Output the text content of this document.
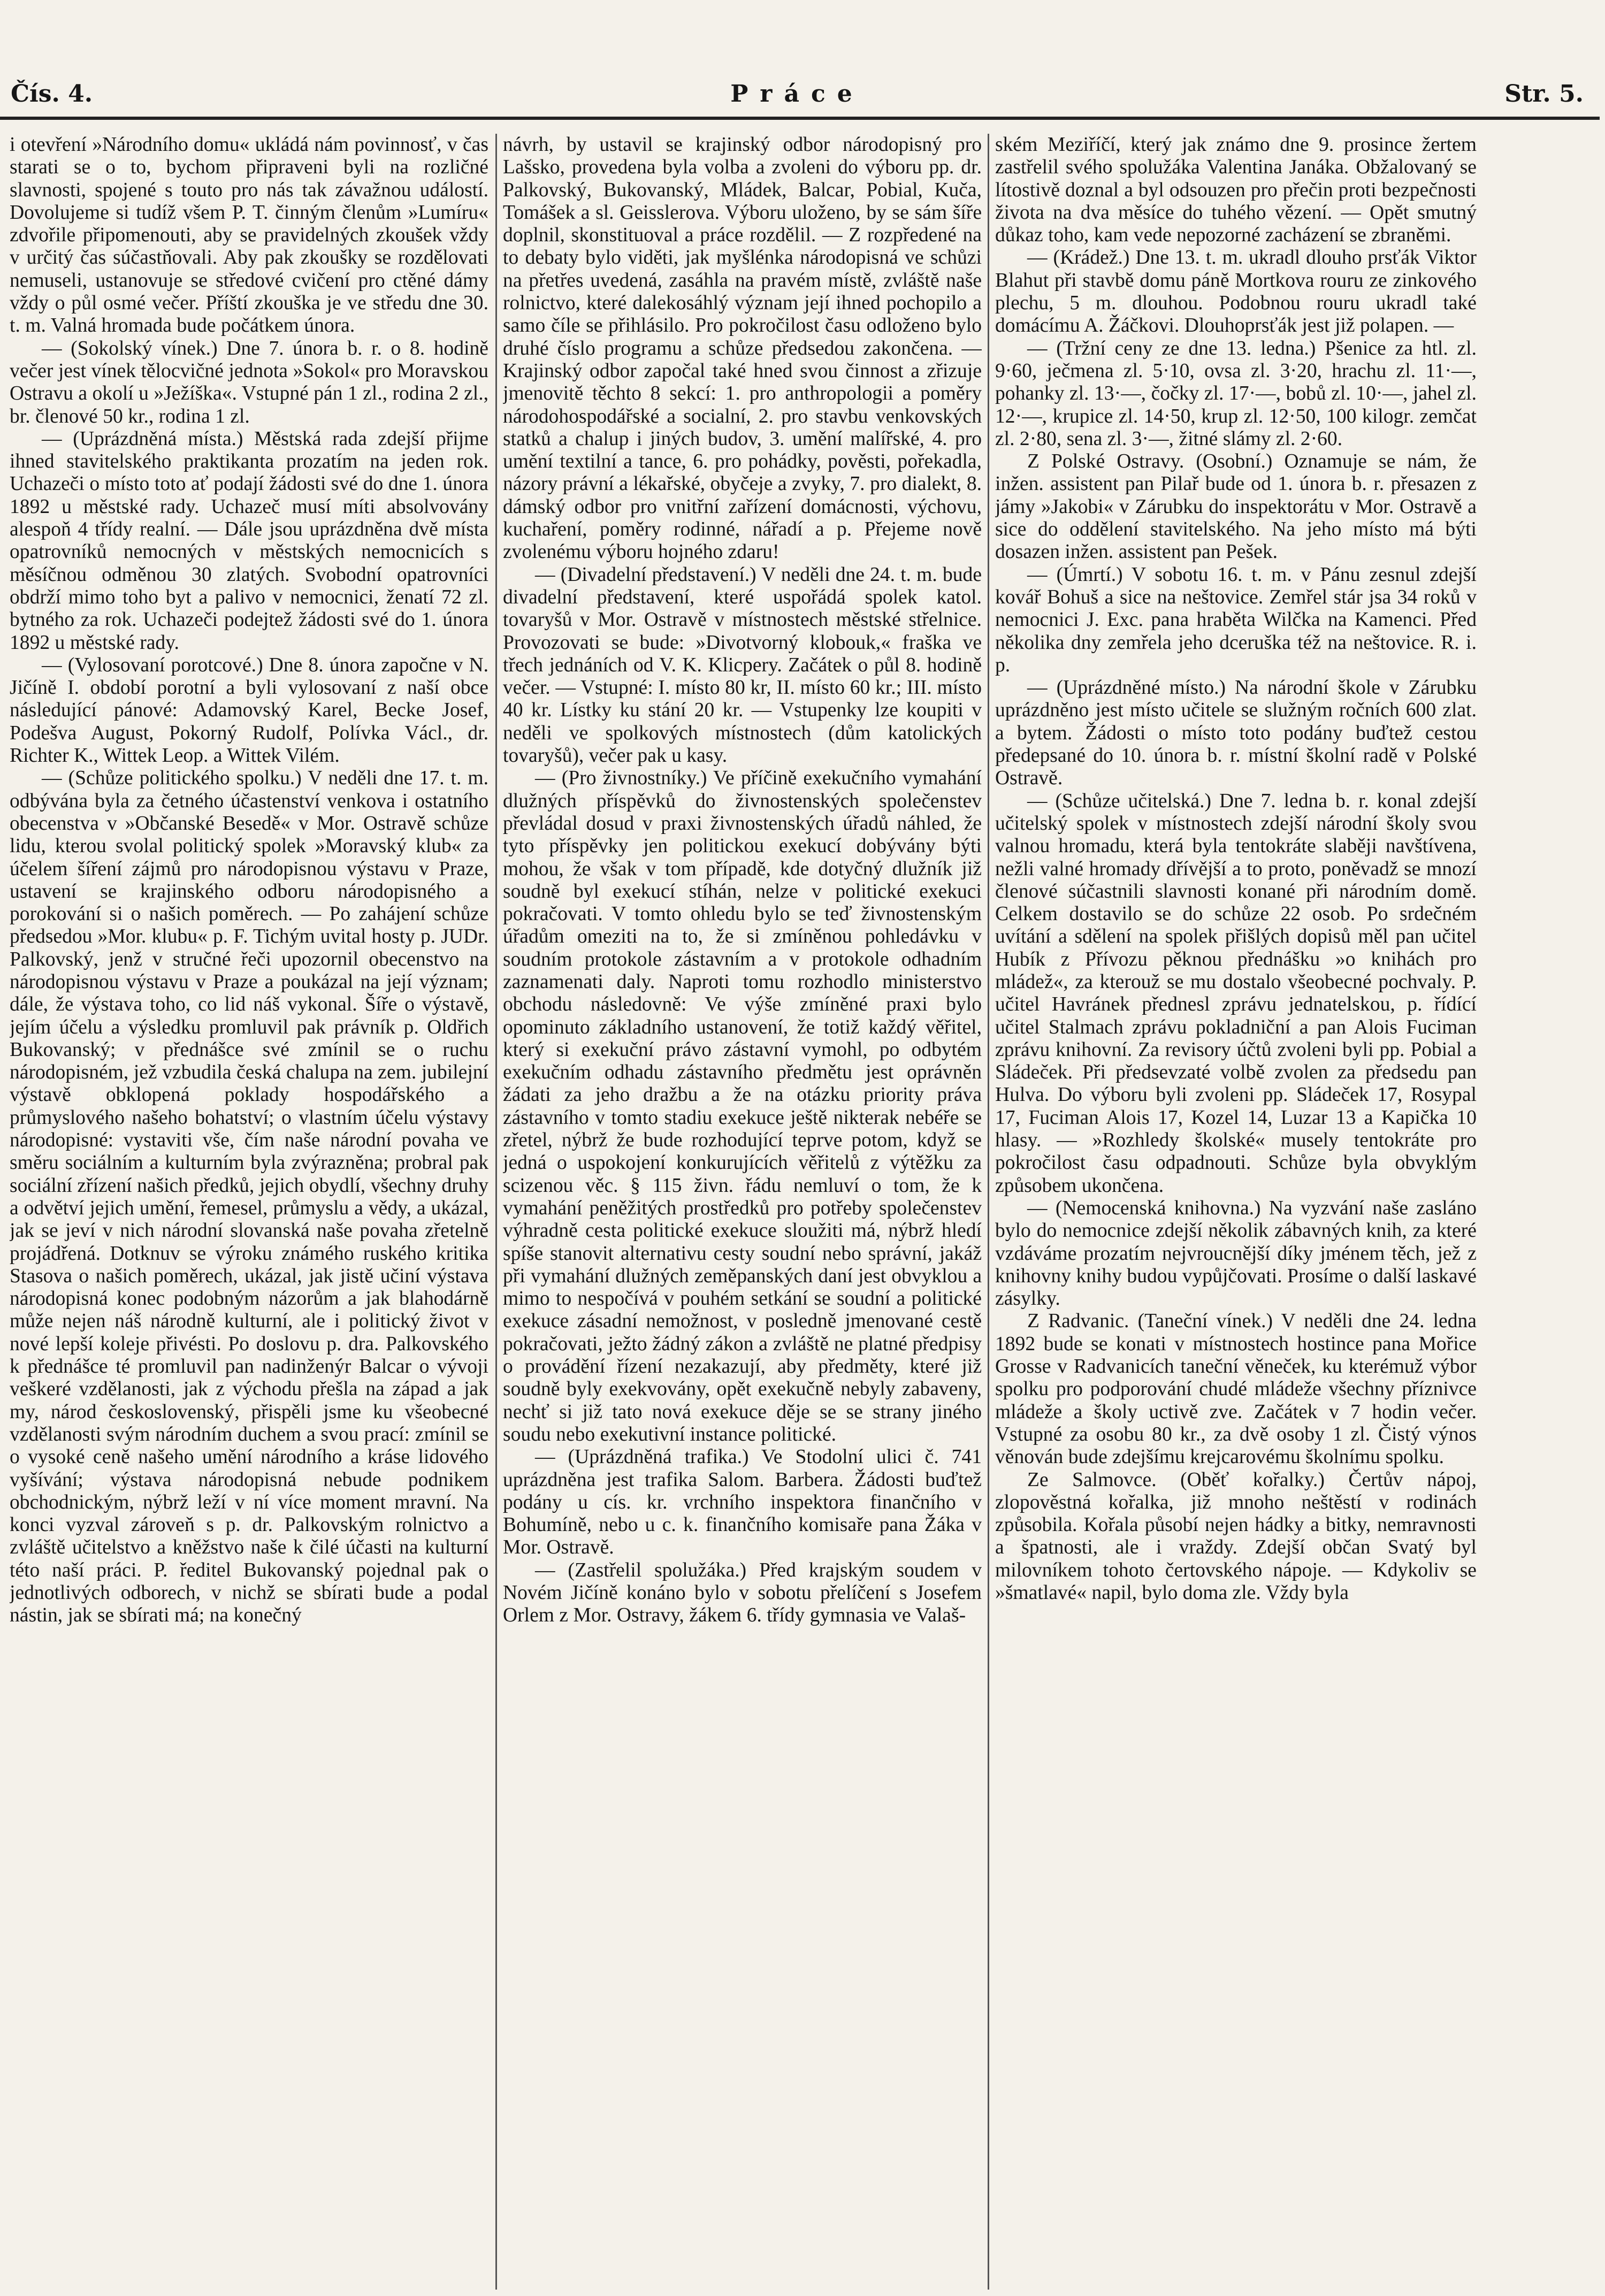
Čís. 4.	Práce	Str. 5.

i otevření »Národního domu« ukládá nám povinnosť, v čas starati se o to, bychom připraveni byli na rozličné slavnosti, spojené s touto pro nás tak závažnou událostí. Dovolujeme si tudíž všem P. T. činným členům »Lumíru« zdvořile připomenouti, aby se pravidelných zkoušek vždy v určitý čas súčastňovali. Aby pak zkoušky se rozdělovati nemuseli, ustanovuje se středové cvičení pro ctěné dámy vždy o půl osmé večer. Příští zkouška je ve středu dne 30. t. m. Valná hromada bude počátkem února.

— (Sokolský vínek.) Dne 7. února b. r. o 8. hodině večer jest vínek tělocvičné jednota »Sokol« pro Moravskou Ostravu a okolí u »Ježíška«. Vstupné pán 1 zl., rodina 2 zl., br. členové 50 kr., rodina 1 zl.

— (Uprázdněná místa.) Městská rada zdejší přijme ihned stavitelského praktikanta prozatím na jeden rok. Uchazeči o místo toto ať podají žádosti své do dne 1. února 1892 u městské rady. Uchazeč musí míti absolvovány alespoň 4 třídy realní. — Dále jsou uprázdněna dvě místa opatrovníků nemocných v městských nemocnicích s měsíčnou odměnou 30 zlatých. Svobodní opatrovníci obdrží mimo toho byt a palivo v nemocnici, ženatí 72 zl. bytného za rok. Uchazeči podejtež žádosti své do 1. února 1892 u městské rady.

— (Vylosovaní porotcové.) Dne 8. února započne v N. Jičíně I. období porotní a byli vylosovaní z naší obce následující pánové: Adamovský Karel, Becke Josef, Podešva August, Pokorný Rudolf, Polívka Václ., dr. Richter K., Wittek Leop. a Wittek Vilém.

— (Schůze politického spolku.) V neděli dne 17. t. m. odbývána byla za četného účastenství venkova i ostatního obecenstva v »Občanské Besedě« v Mor. Ostravě schůze lidu, kterou svolal politický spolek »Moravský klub« za účelem šíření zájmů pro národopisnou výstavu v Praze, ustavení se krajinského odboru národopisného a porokování si o našich poměrech. — Po zahájení schůze předsedou »Mor. klubu« p. F. Tichým uvital hosty p. JUDr. Palkovský, jenž v stručné řeči upozornil obecenstvo na národopisnou výstavu v Praze a poukázal na její význam; dále, že výstava toho, co lid náš vykonal. Šíře o výstavě, jejím účelu a výsledku promluvil pak právník p. Oldřich Bukovanský; v přednášce své zmínil se o ruchu národopisném, jež vzbudila česká chalupa na zem. jubilejní výstavě obklopená poklady hospodářského a průmyslového našeho bohatství; o vlastním účelu výstavy národopisné: vystaviti vše, čím naše národní povaha ve směru sociálním a kulturním byla zvýrazněna; probral pak sociální zřízení našich předků, jejich obydlí, všechny druhy a odvětví jejich umění, řemesel, průmyslu a vědy, a ukázal, jak se jeví v nich národní slovanská naše povaha zřetelně projádřená. Dotknuv se výroku známého ruského kritika Stasova o našich poměrech, ukázal, jak jistě učiní výstava národopisná konec podobným názorům a jak blahodárně může nejen náš národně kulturní, ale i politický život v nové lepší koleje přivésti. Po doslovu p. dra. Palkovského k přednášce té promluvil pan nadinženýr Balcar o vývoji veškeré vzdělanosti, jak z východu přešla na západ a jak my, národ československý, přispěli jsme ku všeobecné vzdělanosti svým národním duchem a svou prací: zmínil se o vysoké ceně našeho umění národního a kráse lidového vyšívání; výstava národopisná nebude podnikem obchodnickým, nýbrž leží v ní více moment mravní. Na konci vyzval zároveň s p. dr. Palkovským rolnictvo a zvláště učitelstvo a kněžstvo naše k čilé účasti na kulturní této naší práci. P. ředitel Bukovanský pojednal pak o jednotlivých odborech, v nichž se sbírati bude a podal nástin, jak se sbírati má; na konečný

návrh, by ustavil se krajinský odbor národopisný pro Lašsko, provedena byla volba a zvoleni do výboru pp. dr. Palkovský, Bukovanský, Mládek, Balcar, Pobial, Kuča, Tomášek a sl. Geisslerova. Výboru uloženo, by se sám šíře doplnil, skonstituoval a práce rozdělil. — Z rozpředené na to debaty bylo viděti, jak myšlénka národopisná ve schůzi na přetřes uvedená, zasáhla na pravém místě, zvláště naše rolnictvo, které dalekosáhlý význam její ihned pochopilo a samo číle se přihlásilo. Pro pokročilost času odloženo bylo druhé číslo programu a schůze předsedou zakončena. — Krajinský odbor započal také hned svou činnost a zřizuje jmenovitě těchto 8 sekcí: 1. pro anthropologii a poměry národohospodářské a socialní, 2. pro stavbu venkovských statků a chalup i jiných budov, 3. umění malířské, 4. pro umění textilní a tance, 6. pro pohádky, pověsti, pořekadla, názory právní a lékařské, obyčeje a zvyky, 7. pro dialekt, 8. dámský odbor pro vnitřní zařízení domácnosti, výchovu, kuchaření, poměry rodinné, nářadí a p. Přejeme nově zvolenému výboru hojného zdaru!

— (Divadelní představení.) V neděli dne 24. t. m. bude divadelní představení, které uspořádá spolek katol. tovaryšů v Mor. Ostravě v místnostech městské střelnice. Provozovati se bude: »Divotvorný klobouk,« fraška ve třech jednáních od V. K. Klicpery. Začátek o půl 8. hodině večer. — Vstupné: I. místo 80 kr, II. místo 60 kr.; III. místo 40 kr. Lístky ku stání 20 kr. — Vstupenky lze koupiti v neděli ve spolkových místnostech (dům katolických tovaryšů), večer pak u kasy.

— (Pro živnostníky.) Ve příčině exekučního vymahání dlužných příspěvků do živnostenských společenstev převládal dosud v praxi živnostenských úřadů náhled, že tyto příspěvky jen politickou exekucí dobývány býti mohou, že však v tom případě, kde dotyčný dlužník již soudně byl exekucí stíhán, nelze v politické exekuci pokračovati. V tomto ohledu bylo se teď živnostenským úřadům omeziti na to, že si zmíněnou pohledávku v soudním protokole zástavním a v protokole odhadním zaznamenati daly. Naproti tomu rozhodlo ministerstvo obchodu následovně: Ve výše zmíněné praxi bylo opominuto základního ustanovení, že totiž každý věřitel, který si exekuční právo zástavní vymohl, po odbytém exekučním odhadu zástavního předmětu jest oprávněn žádati za jeho dražbu a že na otázku priority práva zástavního v tomto stadiu exekuce ještě nikterak nebéře se zřetel, nýbrž že bude rozhodující teprve potom, když se jedná o uspokojení konkurujících věřitelů z výtěžku za scizenou věc. § 115 živn. řádu nemluví o tom, že k vymahání peněžitých prostředků pro potřeby společenstev výhradně cesta politické exekuce sloužiti má, nýbrž hledí spíše stanovit alternativu cesty soudní nebo správní, jakáž při vymahání dlužných zeměpanských daní jest obvyklou a mimo to nespočívá v pouhém setkání se soudní a politické exekuce zásadní nemožnost, v posledně jmenované cestě pokračovati, ježto žádný zákon a zvláště ne platné předpisy o provádění řízení nezakazují, aby předměty, které již soudně byly exekvovány, opět exekučně nebyly zabaveny, nechť si již tato nová exekuce děje se se strany jiného soudu nebo exekutivní instance politické.

— (Uprázdněná trafika.) Ve Stodolní ulici č. 741 uprázdněna jest trafika Salom. Barbera. Žádosti buďtež podány u cís. kr. vrchního inspektora finančního v Bohumíně, nebo u c. k. finančního komisaře pana Žáka v Mor. Ostravě.

— (Zastřelil spolužáka.) Před krajským soudem v Novém Jičíně konáno bylo v sobotu přelíčení s Josefem Orlem z Mor. Ostravy, žákem 6. třídy gymnasia ve Valaš-

ském Meziříčí, který jak známo dne 9. prosince žertem zastřelil svého spolužáka Valentina Janáka. Obžalovaný se lítostivě doznal a byl odsouzen pro přečin proti bezpečnosti života na dva měsíce do tuhého vězení. — Opět smutný důkaz toho, kam vede nepozorné zacházení se zbraněmi.

— (Krádež.) Dne 13. t. m. ukradl dlouho prsťák Viktor Blahut při stavbě domu páně Mortkova rouru ze zinkového plechu, 5 m. dlouhou. Podobnou rouru ukradl také domácímu A. Žáčkovi. Dlouhoprsťák jest již polapen. —

— (Tržní ceny ze dne 13. ledna.) Pšenice za htl. zl. 9·60, ječmena zl. 5·10, ovsa zl. 3·20, hrachu zl. 11·—, pohanky zl. 13·—, čočky zl. 17·—, bobů zl. 10·—, jahel zl. 12·—, krupice zl. 14·50, krup zl. 12·50, 100 kilogr. zemčat zl. 2·80, sena zl. 3·—, žitné slámy zl. 2·60.

Z Polské Ostravy. (Osobní.) Oznamuje se nám, že inžen. assistent pan Pilař bude od 1. února b. r. přesazen z jámy »Jakobi« v Zárubku do inspektorátu v Mor. Ostravě a sice do oddělení stavitelského. Na jeho místo má býti dosazen inžen. assistent pan Pešek.

— (Úmrtí.) V sobotu 16. t. m. v Pánu zesnul zdejší kovář Bohuš a sice na neštovice. Zemřel stár jsa 34 roků v nemocnici J. Exc. pana hraběta Wilčka na Kamenci. Před několika dny zemřela jeho dceruška též na neštovice. R. i. p.

— (Uprázdněné místo.) Na národní škole v Zárubku uprázdněno jest místo učitele se služným ročních 600 zlat. a bytem. Žádosti o místo toto podány buďtež cestou předepsané do 10. února b. r. místní školní radě v Polské Ostravě.

— (Schůze učitelská.) Dne 7. ledna b. r. konal zdejší učitelský spolek v místnostech zdejší národní školy svou valnou hromadu, která byla tentokráte slaběji navštívena, nežli valné hromady dřívější a to proto, poněvadž se mnozí členové súčastnili slavnosti konané při národním domě. Celkem dostavilo se do schůze 22 osob. Po srdečném uvítání a sdělení na spolek přišlých dopisů měl pan učitel Hubík z Přívozu pěknou přednášku »o knihách pro mládež«, za kterouž se mu dostalo všeobecné pochvaly. P. učitel Havránek přednesl zprávu jednatelskou, p. řídící učitel Stalmach zprávu pokladniční a pan Alois Fuciman zprávu knihovní. Za revisory účtů zvoleni byli pp. Pobial a Sládeček. Při předsevzaté volbě zvolen za předsedu pan Hulva. Do výboru byli zvoleni pp. Sládeček 17, Rosypal 17, Fuciman Alois 17, Kozel 14, Luzar 13 a Kapička 10 hlasy. — »Rozhledy školské« musely tentokráte pro pokročilost času odpadnouti. Schůze byla obvyklým způsobem ukončena.

— (Nemocenská knihovna.) Na vyzvání naše zasláno bylo do nemocnice zdejší několik zábavných knih, za které vzdáváme prozatím nejvroucnější díky jménem těch, jež z knihovny knihy budou vypůjčovati. Prosíme o další laskavé zásylky.

Z Radvanic. (Taneční vínek.) V neděli dne 24. ledna 1892 bude se konati v místnostech hostince pana Mořice Grosse v Radvanicích taneční věneček, ku kterémuž výbor spolku pro podporování chudé mládeže všechny příznivce mládeže a školy uctivě zve. Začátek v 7 hodin večer. Vstupné za osobu 80 kr., za dvě osoby 1 zl. Čistý výnos věnován bude zdejšímu krejcarovému školnímu spolku.

Ze Salmovce. (Oběť kořalky.) Čertův nápoj, zlopověstná kořalka, již mnoho neštěstí v rodinách způsobila. Kořala působí nejen hádky a bitky, nemravnosti a špatnosti, ale i vraždy. Zdejší občan Svatý byl milovníkem tohoto čertovského nápoje. — Kdykoliv se »šmatlavé« napil, bylo doma zle. Vždy byla
